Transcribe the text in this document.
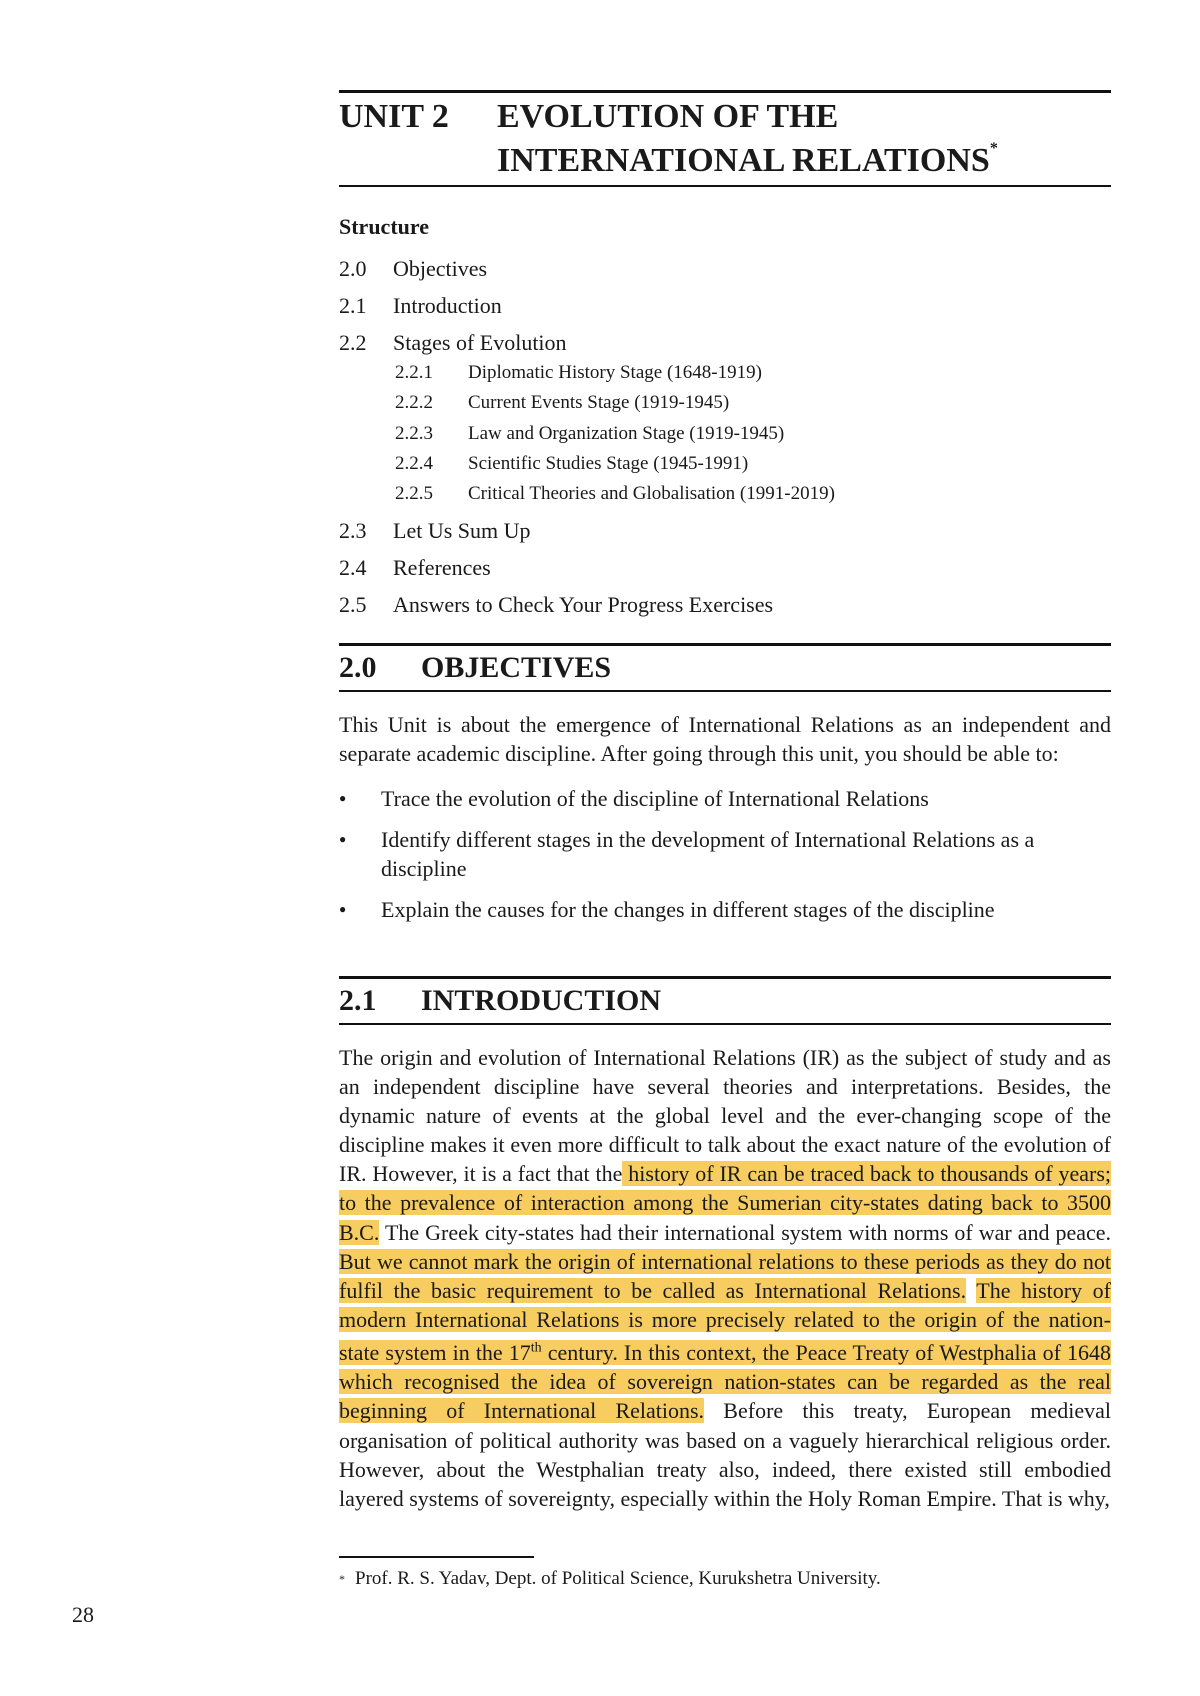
UNIT 2	EVOLUTION OF THE
INTERNATIONAL RELATIONS*
Structure
2.0	Objectives
2.1	Introduction
2.2	Stages of Evolution
2.2.1	Diplomatic History Stage (1648-1919)
2.2.2	Current Events Stage (1919-1945)
2.2.3	Law and Organization Stage (1919-1945)
2.2.4	Scientific Studies Stage (1945-1991)
2.2.5	Critical Theories and Globalisation (1991-2019)
2.3	Let Us Sum Up
2.4	References
2.5	Answers to Check Your Progress Exercises
2.0	OBJECTIVES

This Unit is about the emergence of International Relations as an independent and separate academic discipline. After going through this unit, you should be able to:

●	Trace the evolution of the discipline of International Relations
●	Identify different stages in the development of International Relations as a discipline
●	Explain the causes for the changes in different stages of the discipline
2.1	INTRODUCTION

The origin and evolution of International Relations (IR) as the subject of study and as an independent discipline have several theories and interpretations. Besides, the dynamic nature of events at the global level and the ever-changing scope of the discipline makes it even more difficult to talk about the exact nature of the evolution of IR. However, it is a fact that the history of IR can be traced back to thousands of years; to the prevalence of interaction among the Sumerian city-states dating back to 3500 B.C. The Greek city-states had their international system with norms of war and peace. But we cannot mark the origin of international relations to these periods as they do not fulfil the basic requirement to be called as International Relations. The history of modern International Relations is more precisely related to the origin of the nation-state system in the 17th century. In this context, the Peace Treaty of Westphalia of 1648 which recognised the idea of sovereign nation-states can be regarded as the real beginning of International Relations. Before this treaty, European medieval organisation of political authority was based on a vaguely hierarchical religious order. However, about the Westphalian treaty also, indeed, there existed still embodied layered systems of sovereignty, especially within the Holy Roman Empire. That is why,

* Prof. R. S. Yadav, Dept. of Political Science, Kurukshetra University.
28
